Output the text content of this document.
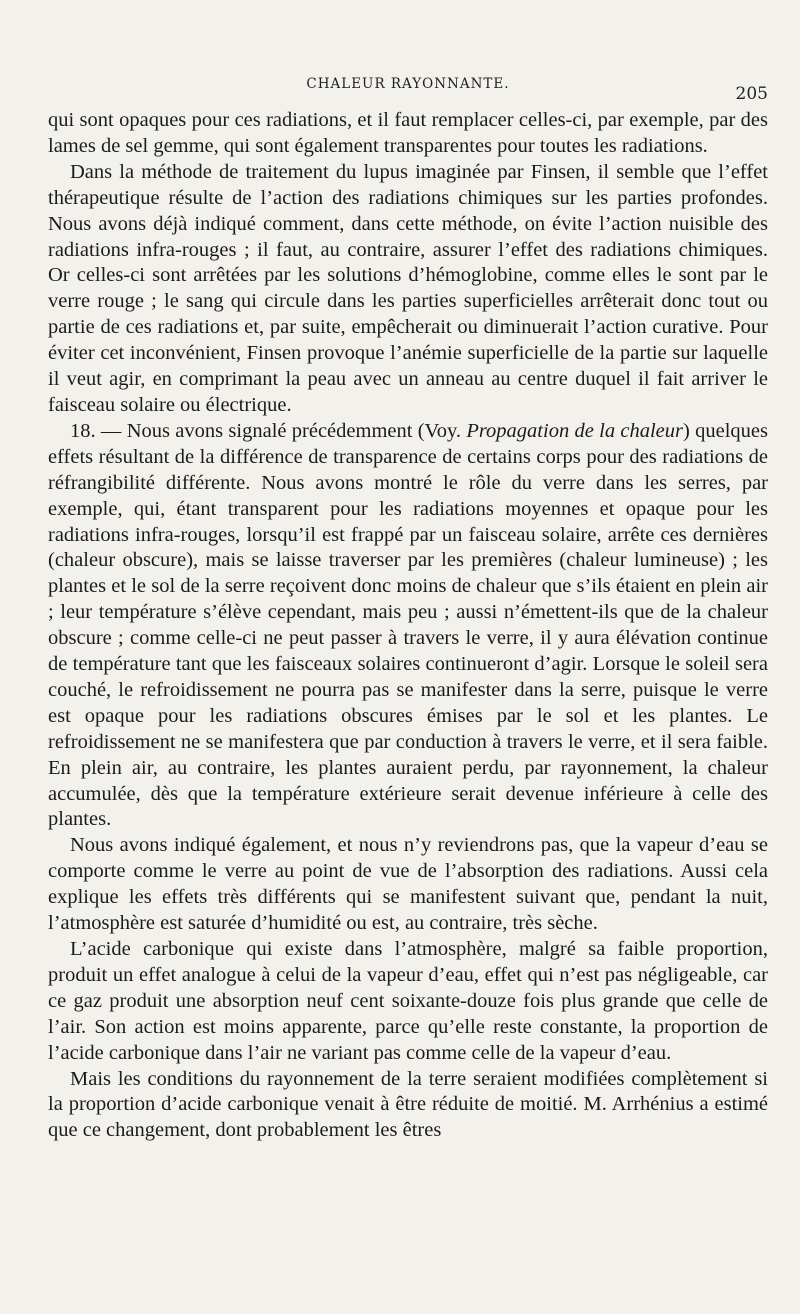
CHALEUR RAYONNANTE.	205

qui sont opaques pour ces radiations, et il faut remplacer celles-ci, par exemple, par des lames de sel gemme, qui sont également transparentes pour toutes les radiations.

Dans la méthode de traitement du lupus imaginée par Finsen, il semble que l’effet thérapeutique résulte de l’action des radiations chimiques sur les parties profondes. Nous avons déjà indiqué comment, dans cette méthode, on évite l’action nuisible des radiations infra-rouges ; il faut, au contraire, assurer l’effet des radiations chimiques. Or celles-ci sont arrêtées par les solutions d’hémoglobine, comme elles le sont par le verre rouge ; le sang qui circule dans les parties superficielles arrêterait donc tout ou partie de ces radiations et, par suite, empêcherait ou diminuerait l’action curative. Pour éviter cet inconvénient, Finsen provoque l’anémie superficielle de la partie sur laquelle il veut agir, en comprimant la peau avec un anneau au centre duquel il fait arriver le faisceau solaire ou électrique.

18. — Nous avons signalé précédemment (Voy. Propagation de la chaleur) quelques effets résultant de la différence de transparence de certains corps pour des radiations de réfrangibilité différente. Nous avons montré le rôle du verre dans les serres, par exemple, qui, étant transparent pour les radiations moyennes et opaque pour les radiations infra-rouges, lorsqu’il est frappé par un faisceau solaire, arrête ces dernières (chaleur obscure), mais se laisse traverser par les premières (chaleur lumineuse) ; les plantes et le sol de la serre reçoivent donc moins de chaleur que s’ils étaient en plein air ; leur température s’élève cependant, mais peu ; aussi n’émettent-ils que de la chaleur obscure ; comme celle-ci ne peut passer à travers le verre, il y aura élévation continue de température tant que les faisceaux solaires continueront d’agir. Lorsque le soleil sera couché, le refroidissement ne pourra pas se manifester dans la serre, puisque le verre est opaque pour les radiations obscures émises par le sol et les plantes. Le refroidissement ne se manifestera que par conduction à travers le verre, et il sera faible. En plein air, au contraire, les plantes auraient perdu, par rayonnement, la chaleur accumulée, dès que la température extérieure serait devenue inférieure à celle des plantes.

Nous avons indiqué également, et nous n’y reviendrons pas, que la vapeur d’eau se comporte comme le verre au point de vue de l’absorption des radiations. Aussi cela explique les effets très différents qui se manifestent suivant que, pendant la nuit, l’atmosphère est saturée d’humidité ou est, au contraire, très sèche.

L’acide carbonique qui existe dans l’atmosphère, malgré sa faible proportion, produit un effet analogue à celui de la vapeur d’eau, effet qui n’est pas négligeable, car ce gaz produit une absorption neuf cent soixante-douze fois plus grande que celle de l’air. Son action est moins apparente, parce qu’elle reste constante, la proportion de l’acide carbonique dans l’air ne variant pas comme celle de la vapeur d’eau.

Mais les conditions du rayonnement de la terre seraient modifiées complètement si la proportion d’acide carbonique venait à être réduite de moitié. M. Arrhénius a estimé que ce changement, dont probablement les êtres
